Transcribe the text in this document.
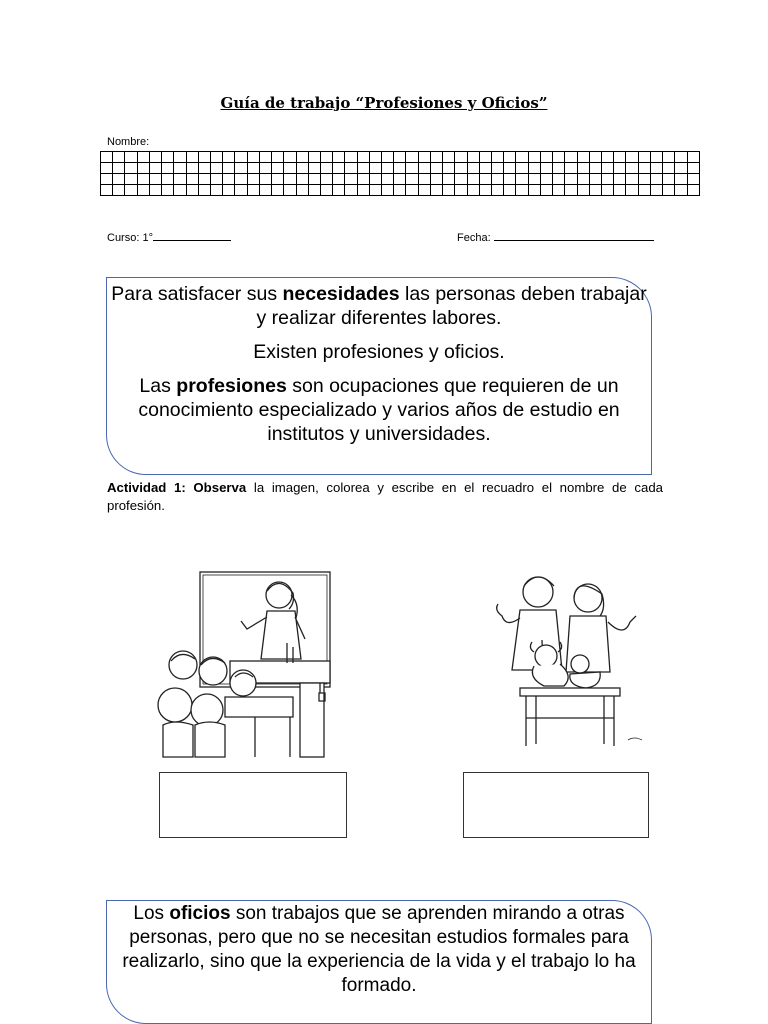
Guía de trabajo “Profesiones y Oficios”
Nombre:

Curso: 1°	Fecha:

Para satisfacer sus necesidades las personas deben trabajar y realizar diferentes labores.

Existen profesiones y oficios.

Las profesiones son ocupaciones que requieren de un conocimiento especializado y varios años de estudio en institutos y universidades.

Actividad 1: Observa la imagen, colorea y escribe en el recuadro el nombre de cada profesión.

Los oficios son trabajos que se aprenden mirando a otras personas, pero que no se necesitan estudios formales para realizarlo, sino que la experiencia de la vida y el trabajo lo ha formado.
